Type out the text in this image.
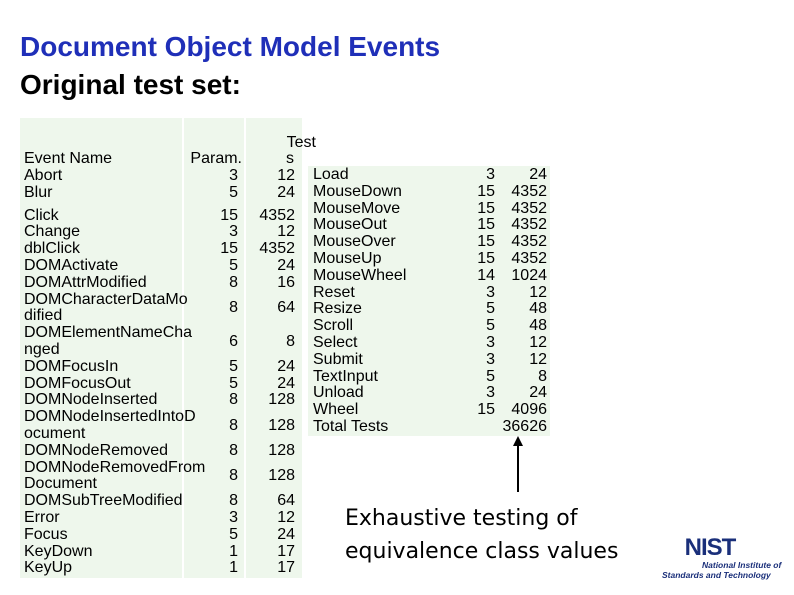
Document Object Model Events
Original test set:
Test
Event Name	Param.	s
Abort	3	12
Blur	5	24
Click	15	4352
Change	3	12
dblClick	15	4352
DOMActivate	5	24
DOMAttrModified	8	16
DOMCharacterDataMo
dified	8	64
DOMElementNameCha
nged	6	8
DOMFocusIn	5	24
DOMFocusOut	5	24
DOMNodeInserted	8	128
DOMNodeInsertedIntoD
ocument	8	128
DOMNodeRemoved	8	128
DOMNodeRemovedFrom
Document	8	128
DOMSubTreeModified	8	64
Error	3	12
Focus	5	24
KeyDown	1	17
KeyUp	1	17
Load	3	24
MouseDown	15	4352
MouseMove	15	4352
MouseOut	15	4352
MouseOver	15	4352
MouseUp	15	4352
MouseWheel	14	1024
Reset	3	12
Resize	5	48
Scroll	5	48
Select	3	12
Submit	3	12
TextInput	5	8
Unload	3	24
Wheel	15	4096
Total Tests	36626
Exhaustive testing of equivalence class values	NIST
National Institute of
Standards and Technology
